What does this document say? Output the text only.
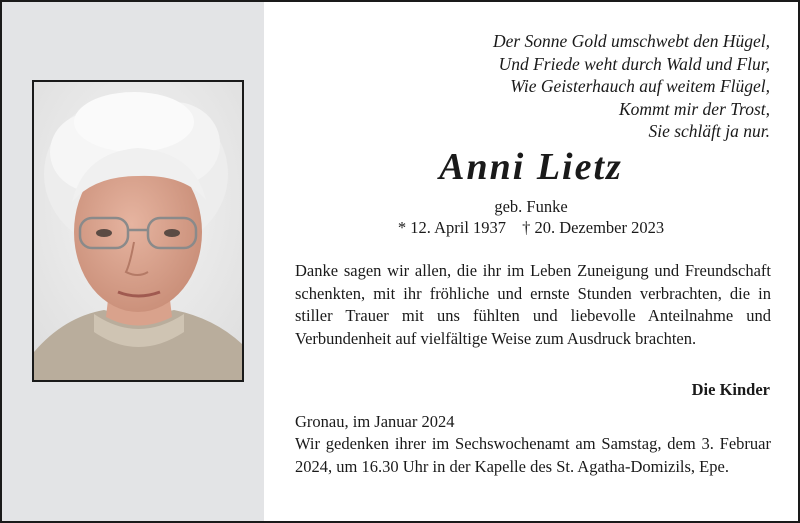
Der Sonne Gold umschwebt den Hügel,
Und Friede weht durch Wald und Flur,
Wie Geisterhauch auf weitem Flügel,
Kommt mir der Trost,
Sie schläft ja nur.
Anni Lietz
geb. Funke
* 12. April 1937 † 20. Dezember 2023

Danke sagen wir allen, die ihr im Leben Zuneigung und Freundschaft schenkten, mit ihr fröhliche und ernste Stunden verbrachten, die in stiller Trauer mit uns fühlten und liebevolle Anteilnahme und Verbundenheit auf vielfältige Weise zum Ausdruck brachten.

Die Kinder
Gronau, im Januar 2024

Wir gedenken ihrer im Sechswochenamt am Samstag, dem 3. Februar 2024, um 16.30 Uhr in der Kapelle des St. Agatha-Domizils, Epe.
